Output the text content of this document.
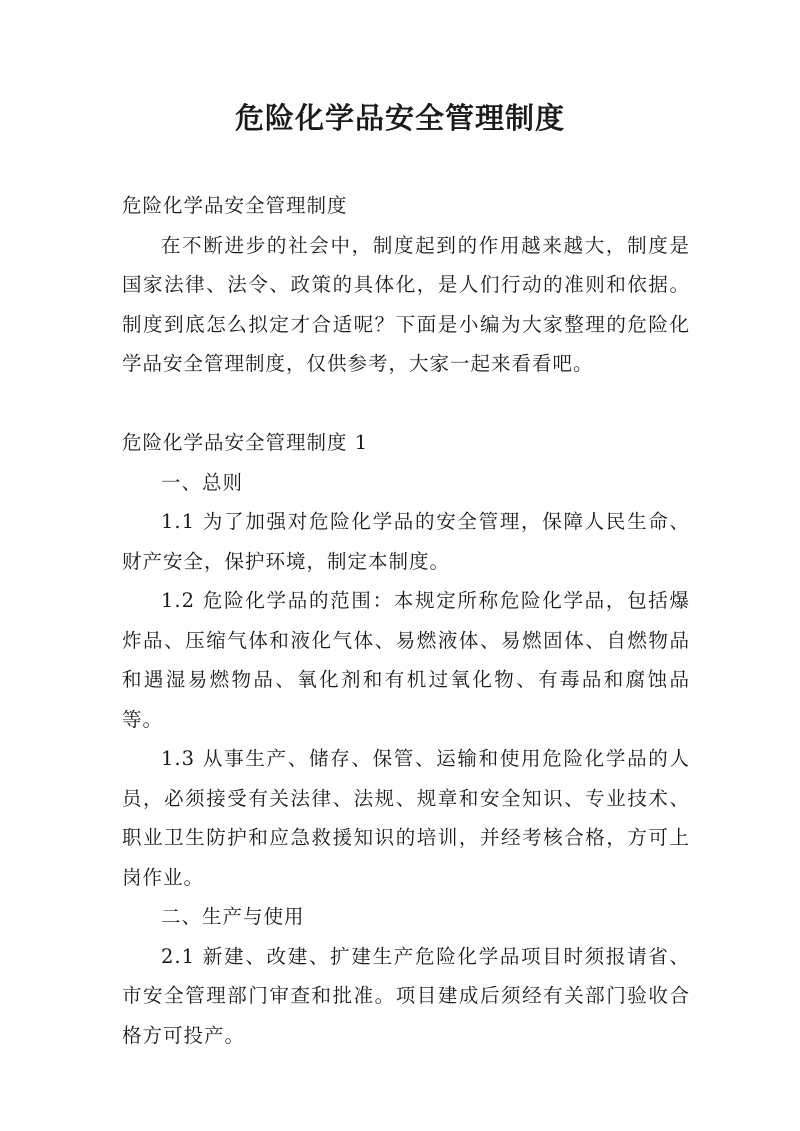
危险化学品安全管理制度

危险化学品安全管理制度

在不断进步的社会中，制度起到的作用越来越大，制度是国家法律、法令、政策的具体化，是人们行动的准则和依据。制度到底怎么拟定才合适呢？下面是小编为大家整理的危险化学品安全管理制度，仅供参考，大家一起来看看吧。

危险化学品安全管理制度 1

一、总则

1.1 为了加强对危险化学品的安全管理，保障人民生命、财产安全，保护环境，制定本制度。

1.2 危险化学品的范围：本规定所称危险化学品，包括爆炸品、压缩气体和液化气体、易燃液体、易燃固体、自燃物品和遇湿易燃物品、氧化剂和有机过氧化物、有毒品和腐蚀品等。

1.3 从事生产、储存、保管、运输和使用危险化学品的人员，必须接受有关法律、法规、规章和安全知识、专业技术、职业卫生防护和应急救援知识的培训，并经考核合格，方可上岗作业。

二、生产与使用

2.1 新建、改建、扩建生产危险化学品项目时须报请省、市安全管理部门审查和批准。项目建成后须经有关部门验收合格方可投产。
